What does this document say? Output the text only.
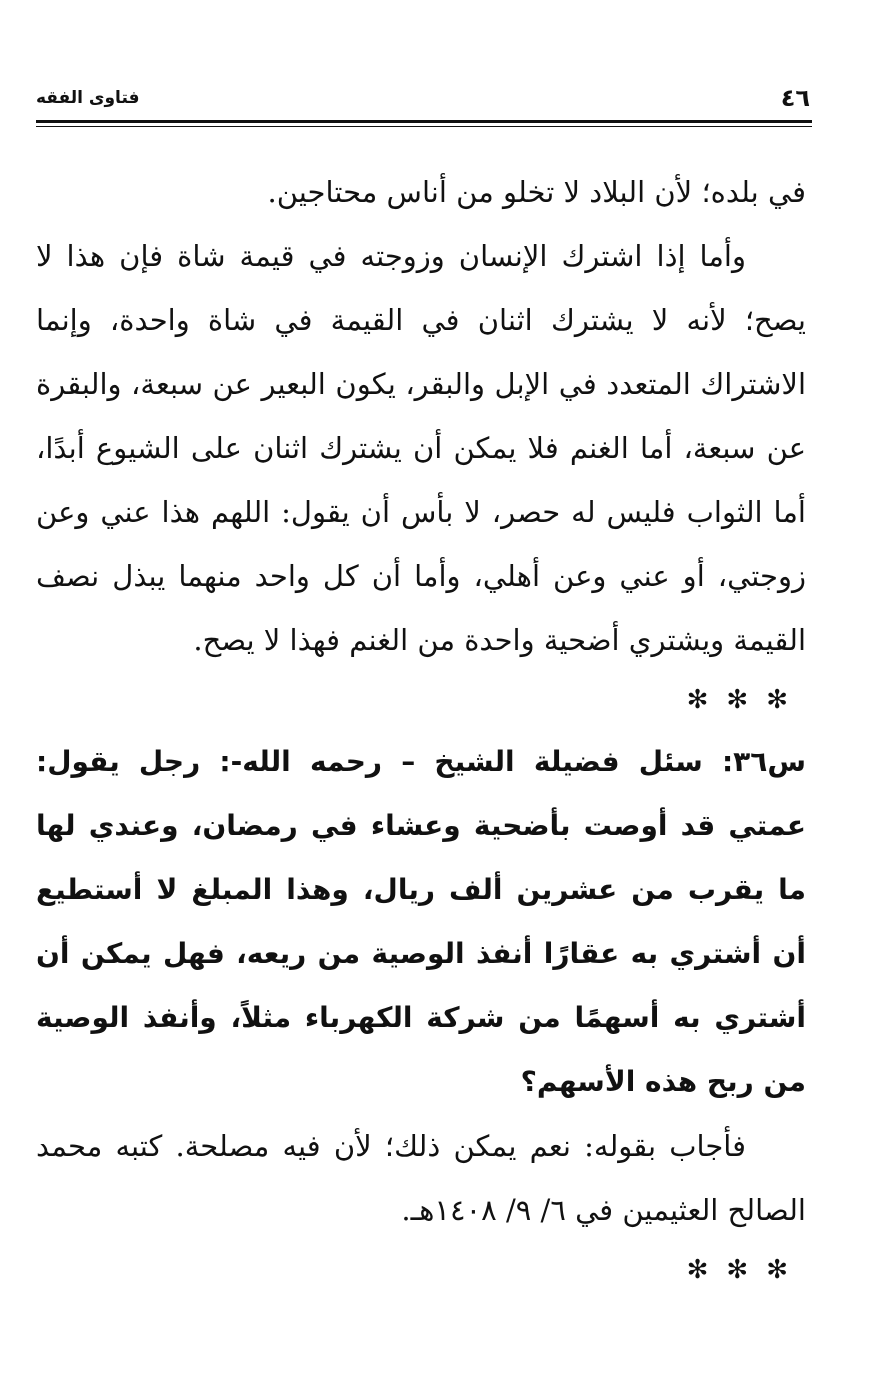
فتاوى الفقه	٤٦

في بلده؛ لأن البلاد لا تخلو من أناس محتاجين.

وأما إذا اشترك الإنسان وزوجته في قيمة شاة فإن هذا لا يصح؛ لأنه لا يشترك اثنان في القيمة في شاة واحدة، وإنما الاشتراك المتعدد في الإبل والبقر، يكون البعير عن سبعة، والبقرة عن سبعة، أما الغنم فلا يمكن أن يشترك اثنان على الشيوع أبدًا، أما الثواب فليس له حصر، لا بأس أن يقول: اللهم هذا عني وعن زوجتي، أو عني وعن أهلي، وأما أن كل واحد منهما يبذل نصف القيمة ويشتري أضحية واحدة من الغنم فهذا لا يصح.

✻✻✻

س٣٦: سئل فضيلة الشيخ – رحمه الله-: رجل يقول: عمتي قد أوصت بأضحية وعشاء في رمضان، وعندي لها ما يقرب من عشرين ألف ريال، وهذا المبلغ لا أستطيع أن أشتري به عقارًا أنفذ الوصية من ريعه، فهل يمكن أن أشتري به أسهمًا من شركة الكهرباء مثلاً، وأنفذ الوصية من ربح هذه الأسهم؟

فأجاب بقوله: نعم يمكن ذلك؛ لأن فيه مصلحة. كتبه محمد الصالح العثيمين في ٦/ ٩/ ١٤٠٨هـ.

✻✻✻
